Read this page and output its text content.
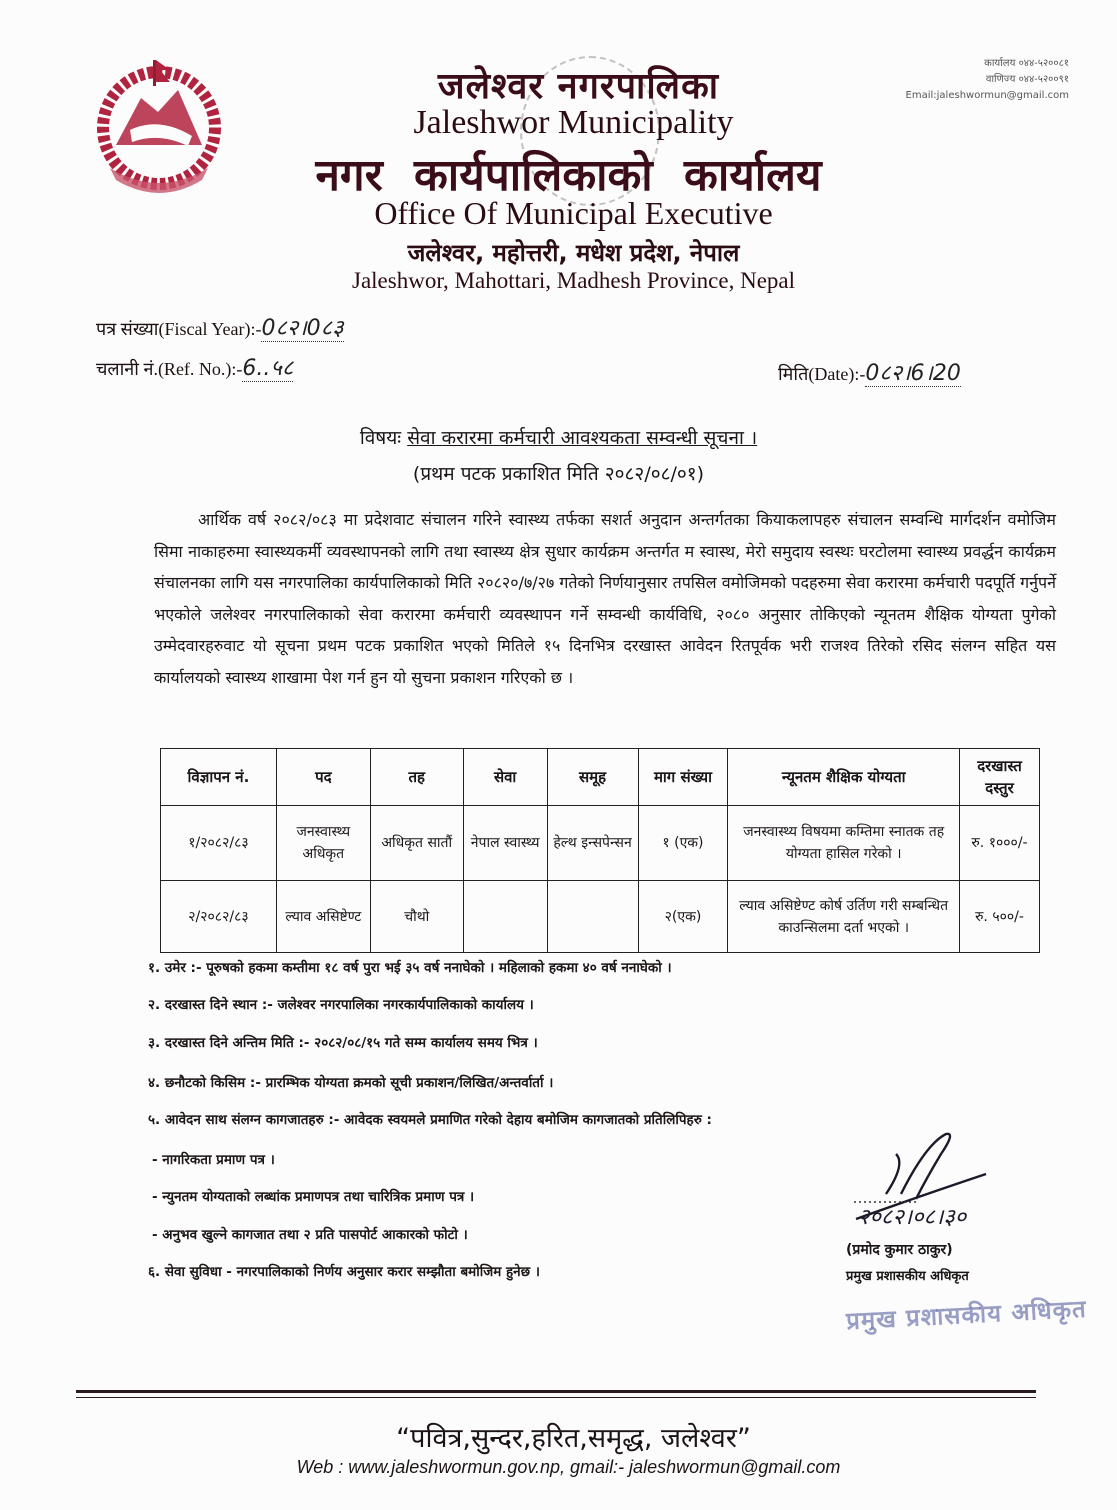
जलेश्वर नगरपालिका
Jaleshwor Municipality
नगर कार्यपालिकाको कार्यालय
Office Of Municipal Executive
जलेश्वर, महोत्तरी, मधेश प्रदेश, नेपाल
Jaleshwor, Mahottari, Madhesh Province, Nepal
कार्यालय ०४४-५२००८१
वाणिज्य ०४४-५२००९१
Email:jaleshwormun@gmail.com
पत्र संख्या(Fiscal Year):-0८२।0८३
चलानी नं.(Ref. No.):-6..५८	मिति(Date):-0८२।6।20
विषयः सेवा करारमा कर्मचारी आवश्यकता सम्वन्धी सूचना ।
(प्रथम पटक प्रकाशित मिति २०८२/०८/०१)
आर्थिक वर्ष २०८२/०८३ मा प्रदेशवाट संचालन गरिने स्वास्थ्य तर्फका सशर्त अनुदान अन्तर्गतका कियाकलापहरु संचालन सम्वन्धि मार्गदर्शन वमोजिम सिमा नाकाहरुमा स्वास्थ्यकर्मी व्यवस्थापनको लागि तथा स्वास्थ्य क्षेत्र सुधार कार्यक्रम अन्तर्गत म स्वास्थ, मेरो समुदाय स्वस्थः घरटोलमा स्वास्थ्य प्रवर्द्धन कार्यक्रम संचालनका लागि यस नगरपालिका कार्यपालिकाको मिति २०८२०/७/२७ गतेको निर्णयानुसार तपसिल वमोजिमको पदहरुमा सेवा करारमा कर्मचारी पदपूर्ति गर्नुपर्ने भएकोले जलेश्वर नगरपालिकाको सेवा करारमा कर्मचारी व्यवस्थापन गर्ने सम्वन्धी कार्यविधि, २०८० अनुसार तोकिएको न्यूनतम शैक्षिक योग्यता पुगेको उम्मेदवारहरुवाट यो सूचना प्रथम पटक प्रकाशित भएको मितिले १५ दिनभित्र दरखास्त आवेदन रितपूर्वक भरी राजश्व तिरेको रसिद संलग्न सहित यस कार्यालयको स्वास्थ्य शाखामा पेश गर्न हुन यो सुचना प्रकाशन गरिएको छ ।
विज्ञापन नं.	पद	तह	सेवा	समूह	माग संख्या	न्यूनतम शैक्षिक योग्यता	दरखास्त दस्तुर
१/२०८२/८३	जनस्वास्थ्य अधिकृत	अधिकृत सातौं	नेपाल स्वास्थ्य	हेल्थ इन्सपेन्सन	१ (एक)	जनस्वास्थ्य विषयमा कम्तिमा स्नातक तह योग्यता हासिल गरेको ।	रु. १०००/-
२/२०८२/८३	ल्याव असिष्टेण्ट	चौथो			२(एक)	ल्याव असिष्टेण्ट कोर्ष उर्तिण गरी सम्बन्धित काउन्सिलमा दर्ता भएको ।	रु. ५००/-
१. उमेर :- पूरुषको हकमा कम्तीमा १८ वर्ष पुरा भई ३५ वर्ष ननाघेको । महिलाको हकमा ४० वर्ष ननाघेको ।
२. दरखास्त दिने स्थान :- जलेश्वर नगरपालिका नगरकार्यपालिकाको कार्यालय ।
३. दरखास्त दिने अन्तिम मिति :- २०८२/०८/१५ गते सम्म कार्यालय समय भित्र ।
४. छनौटको किसिम :- प्रारम्भिक योग्यता क्रमको सूची प्रकाशन/लिखित/अन्तर्वार्ता ।
५. आवेदन साथ संलग्न कागजातहरु :- आवेदक स्वयमले प्रमाणित गरेको देहाय बमोजिम कागजातको प्रतिलिपिहरु :
- नागरिकता प्रमाण पत्र ।
- न्युनतम योग्यताको लब्धांक प्रमाणपत्र तथा चारित्रिक प्रमाण पत्र ।
- अनुभव खुल्ने कागजात तथा २ प्रति पासपोर्ट आकारको फोटो ।
६. सेवा सुविधा - नगरपालिकाको निर्णय अनुसार करार सम्झौता बमोजिम हुनेछ ।
२०८२।०८।३०
(प्रमोद कुमार ठाकुर)
प्रमुख प्रशासकीय अधिकृत
प्रमुख प्रशासकीय अधिकृत
“पवित्र,सुन्दर,हरित,समृद्ध, जलेश्वर”
Web : www.jaleshwormun.gov.np, gmail:- jaleshwormun@gmail.com
